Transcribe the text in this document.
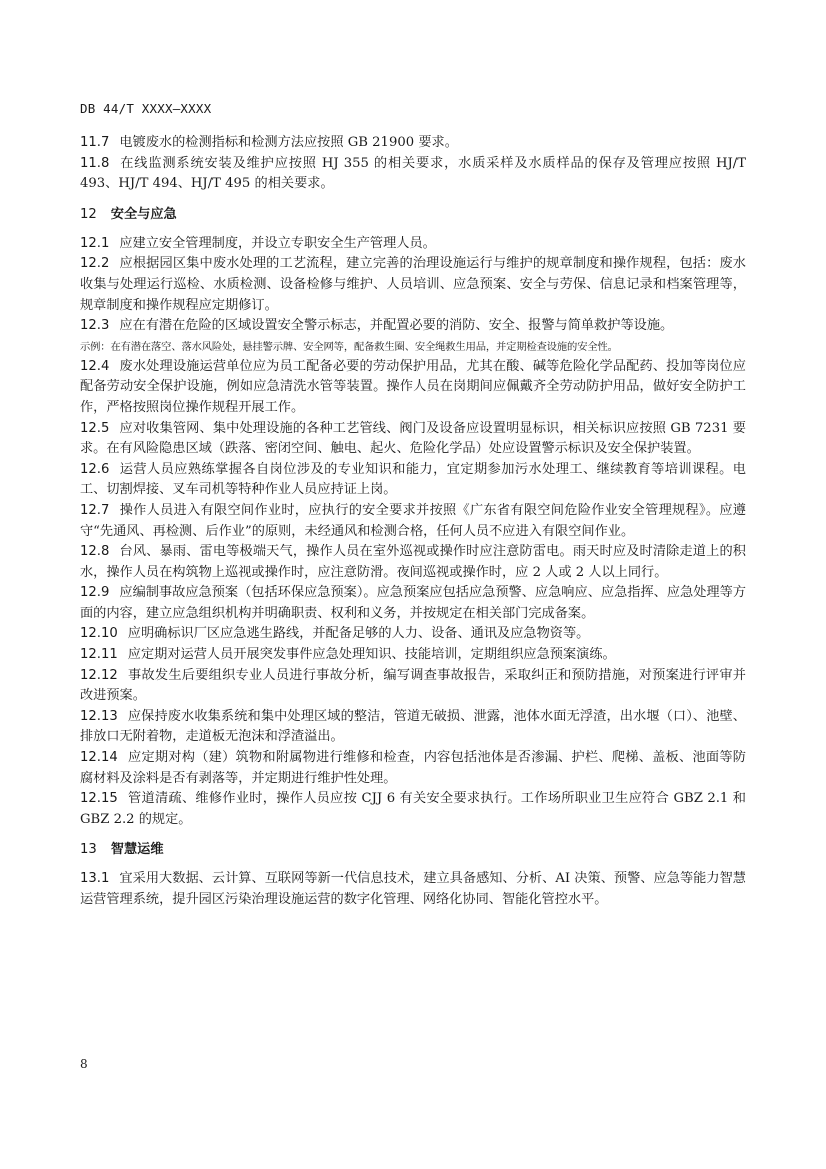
DB 44/T XXXX—XXXX

11.7 电镀废水的检测指标和检测方法应按照 GB 21900 要求。

11.8 在线监测系统安装及维护应按照 HJ 355 的相关要求，水质采样及水质样品的保存及管理应按照 HJ/T 493、HJ/T 494、HJ/T 495 的相关要求。

12 安全与应急

12.1 应建立安全管理制度，并设立专职安全生产管理人员。

12.2 应根据园区集中废水处理的工艺流程，建立完善的治理设施运行与维护的规章制度和操作规程，包括：废水收集与处理运行巡检、水质检测、设备检修与维护、人员培训、应急预案、安全与劳保、信息记录和档案管理等，规章制度和操作规程应定期修订。

12.3 应在有潜在危险的区域设置安全警示标志，并配置必要的消防、安全、报警与简单救护等设施。

示例：在有潜在落空、落水风险处，悬挂警示牌、安全网等，配备救生圈、安全绳救生用品，并定期检查设施的安全性。

12.4 废水处理设施运营单位应为员工配备必要的劳动保护用品，尤其在酸、碱等危险化学品配药、投加等岗位应配备劳动安全保护设施，例如应急清洗水管等装置。操作人员在岗期间应佩戴齐全劳动防护用品，做好安全防护工作，严格按照岗位操作规程开展工作。

12.5 应对收集管网、集中处理设施的各种工艺管线、阀门及设备应设置明显标识，相关标识应按照 GB 7231 要求。在有风险隐患区域（跌落、密闭空间、触电、起火、危险化学品）处应设置警示标识及安全保护装置。

12.6 运营人员应熟练掌握各自岗位涉及的专业知识和能力，宜定期参加污水处理工、继续教育等培训课程。电工、切割焊接、叉车司机等特种作业人员应持证上岗。

12.7 操作人员进入有限空间作业时，应执行的安全要求并按照《广东省有限空间危险作业安全管理规程》。应遵守“先通风、再检测、后作业”的原则，未经通风和检测合格，任何人员不应进入有限空间作业。

12.8 台风、暴雨、雷电等极端天气，操作人员在室外巡视或操作时应注意防雷电。雨天时应及时清除走道上的积水，操作人员在构筑物上巡视或操作时，应注意防滑。夜间巡视或操作时，应 2 人或 2 人以上同行。

12.9 应编制事故应急预案（包括环保应急预案）。应急预案应包括应急预警、应急响应、应急指挥、应急处理等方面的内容，建立应急组织机构并明确职责、权利和义务，并按规定在相关部门完成备案。

12.10 应明确标识厂区应急逃生路线，并配备足够的人力、设备、通讯及应急物资等。

12.11 应定期对运营人员开展突发事件应急处理知识、技能培训，定期组织应急预案演练。

12.12 事故发生后要组织专业人员进行事故分析，编写调查事故报告，采取纠正和预防措施，对预案进行评审并改进预案。

12.13 应保持废水收集系统和集中处理区域的整洁，管道无破损、泄露，池体水面无浮渣，出水堰（口）、池壁、排放口无附着物，走道板无泡沫和浮渣溢出。

12.14 应定期对构（建）筑物和附属物进行维修和检查，内容包括池体是否渗漏、护栏、爬梯、盖板、池面等防腐材料及涂料是否有剥落等，并定期进行维护性处理。

12.15 管道清疏、维修作业时，操作人员应按 CJJ 6 有关安全要求执行。工作场所职业卫生应符合 GBZ 2.1 和 GBZ 2.2 的规定。

13 智慧运维

13.1 宜采用大数据、云计算、互联网等新一代信息技术，建立具备感知、分析、AI 决策、预警、应急等能力智慧运营管理系统，提升园区污染治理设施运营的数字化管理、网络化协同、智能化管控水平。

8
